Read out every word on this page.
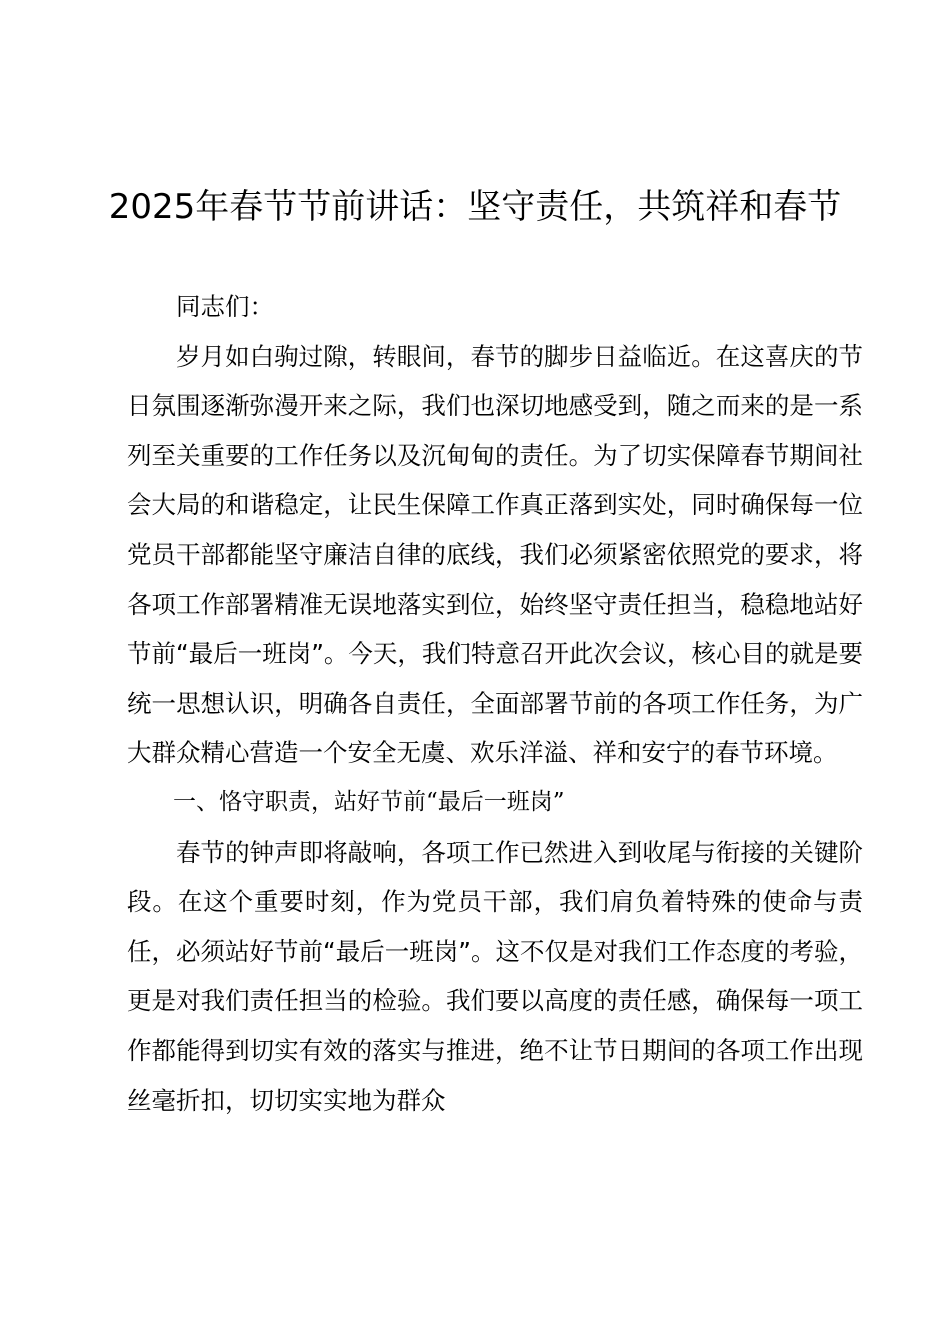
2025年春节节前讲话：坚守责任，共筑祥和春节

同志们：

岁月如白驹过隙，转眼间，春节的脚步日益临近。在这喜庆的节日氛围逐渐弥漫开来之际，我们也深切地感受到，随之而来的是一系列至关重要的工作任务以及沉甸甸的责任。为了切实保障春节期间社会大局的和谐稳定，让民生保障工作真正落到实处，同时确保每一位党员干部都能坚守廉洁自律的底线，我们必须紧密依照党的要求，将各项工作部署精准无误地落实到位，始终坚守责任担当，稳稳地站好节前“最后一班岗”。今天，我们特意召开此次会议，核心目的就是要统一思想认识，明确各自责任，全面部署节前的各项工作任务，为广大群众精心营造一个安全无虞、欢乐洋溢、祥和安宁的春节环境。

一、恪守职责，站好节前“最后一班岗”

春节的钟声即将敲响，各项工作已然进入到收尾与衔接的关键阶段。在这个重要时刻，作为党员干部，我们肩负着特殊的使命与责任，必须站好节前“最后一班岗”。这不仅是对我们工作态度的考验，更是对我们责任担当的检验。我们要以高度的责任感，确保每一项工作都能得到切实有效的落实与推进，绝不让节日期间的各项工作出现丝毫折扣，切切实实地为群众
